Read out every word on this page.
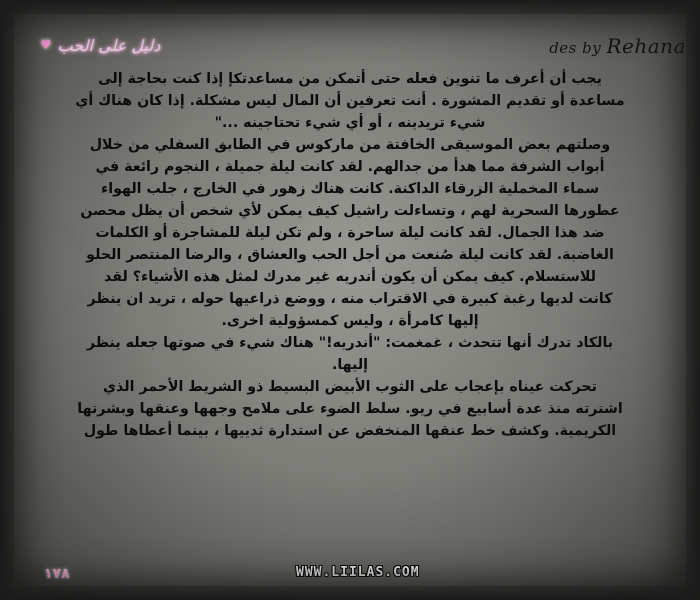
دليل على الحب
♥	des by Rehana

يجب أن أعرف ما تنوين فعله حتى أتمكن من مساعدتكإ إذا كنت بحاجة إلى

مساعدة أو تقديم المشورة . أنت تعرفين أن المال ليس مشكلة. إذا كان هناك أي

شيء تريدينه ، أو أي شيء تحتاجينه ..."

وصلتهم بعض الموسيقى الخافتة من ماركوس في الطابق السفلي من خلال

أبواب الشرفة مما هدأ من جدالهم. لقد كانت ليلة جميلة ، النجوم رائعة في

سماء المخملية الزرقاء الداكنة. كانت هناك زهور في الخارج ، جلب الهواء

عطورها السحرية لهم ، وتساءلت راشيل كيف يمكن لأي شخص أن يظل محصن

ضد هذا الجمال. لقد كانت ليلة ساحرة ، ولم تكن ليلة للمشاجرة أو الكلمات

الغاضبة. لقد كانت ليلة صُنعت من أجل الحب والعشاق ، والرضا المنتصر الحلو

للاستسلام. كيف يمكن أن يكون أندريه غير مدرك لمثل هذه الأشياء؟ لقد

كانت لديها رغبة كبيرة في الاقتراب منه ، ووضع ذراعيها حوله ، تريد ان ينظر

إليها كامرأة ، وليس كمسؤولية اخرى.

بالكاد تدرك أنها تتحدث ، غمغمت: "أندريه!" هناك شيء في صوتها جعله ينظر

إليها.

تحركت عيناه بإعجاب على الثوب الأبيض البسيط ذو الشريط الأحمر الذي

اشترته منذ عدة أسابيع في ريو. سلط الضوء على ملامح وجهها وعنقها وبشرتها

الكريمية. وكشف خط عنقها المنخفض عن استدارة ثدييها ، بينما أعطاها طول

١٧٨	WWW.LIILAS.COM
